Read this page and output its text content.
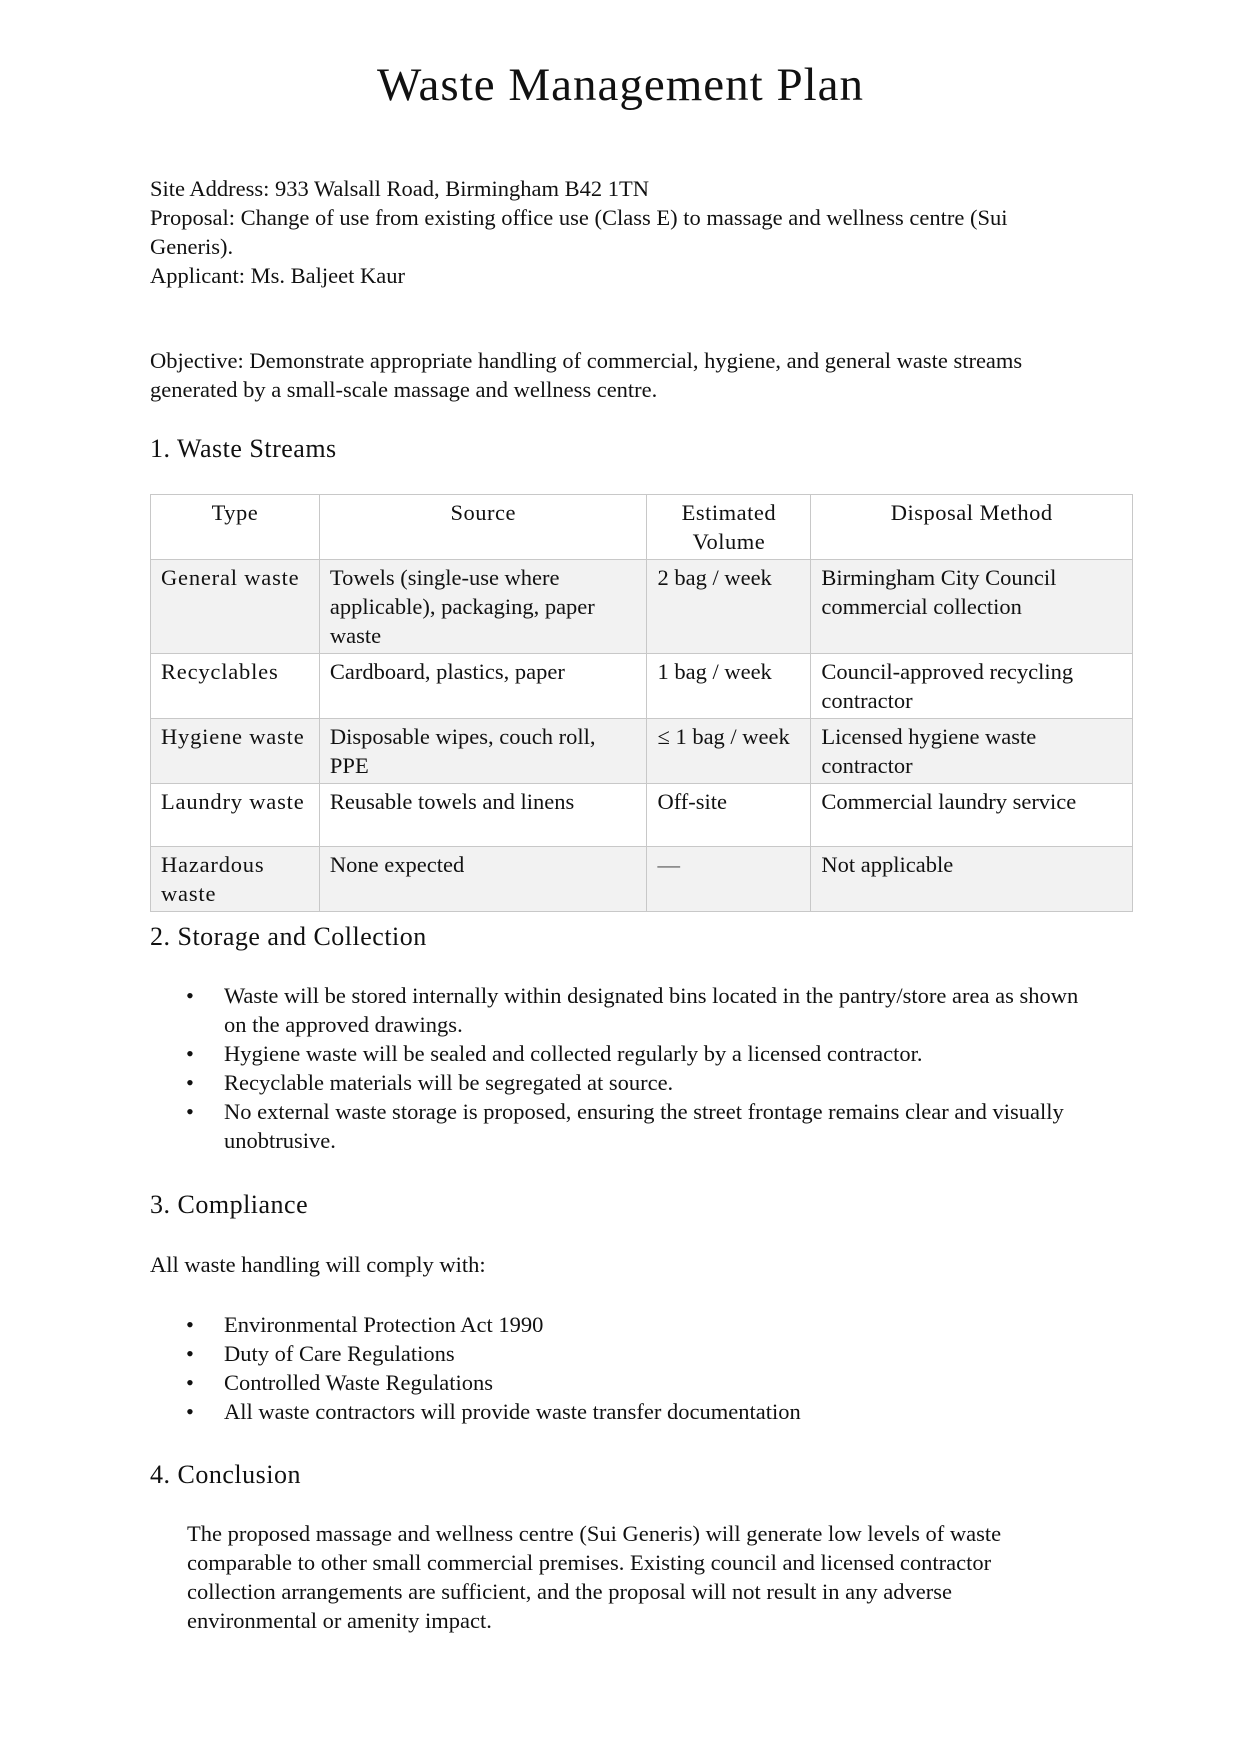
Waste Management Plan
Site Address: 933 Walsall Road, Birmingham B42 1TN
Proposal: Change of use from existing office use (Class E) to massage and wellness centre (Sui Generis).
Applicant: Ms. Baljeet Kaur
Objective: Demonstrate appropriate handling of commercial, hygiene, and general waste streams generated by a small-scale massage and wellness centre.
1. Waste Streams
Type	Source	Estimated Volume	Disposal Method
General waste	Towels (single-use where applicable), packaging, paper waste	2 bag / week	Birmingham City Council commercial collection
Recyclables	Cardboard, plastics, paper	1 bag / week	Council-approved recycling contractor
Hygiene waste	Disposable wipes, couch roll, PPE	≤ 1 bag / week	Licensed hygiene waste contractor
Laundry waste	Reusable towels and linens	Off-site	Commercial laundry service
Hazardous waste	None expected	—	Not applicable
2. Storage and Collection
• Waste will be stored internally within designated bins located in the pantry/store area as shown on the approved drawings.
• Hygiene waste will be sealed and collected regularly by a licensed contractor.
• Recyclable materials will be segregated at source.
• No external waste storage is proposed, ensuring the street frontage remains clear and visually unobtrusive.
3. Compliance
All waste handling will comply with:
• Environmental Protection Act 1990
• Duty of Care Regulations
• Controlled Waste Regulations
• All waste contractors will provide waste transfer documentation
4. Conclusion
The proposed massage and wellness centre (Sui Generis) will generate low levels of waste comparable to other small commercial premises. Existing council and licensed contractor collection arrangements are sufficient, and the proposal will not result in any adverse environmental or amenity impact.
